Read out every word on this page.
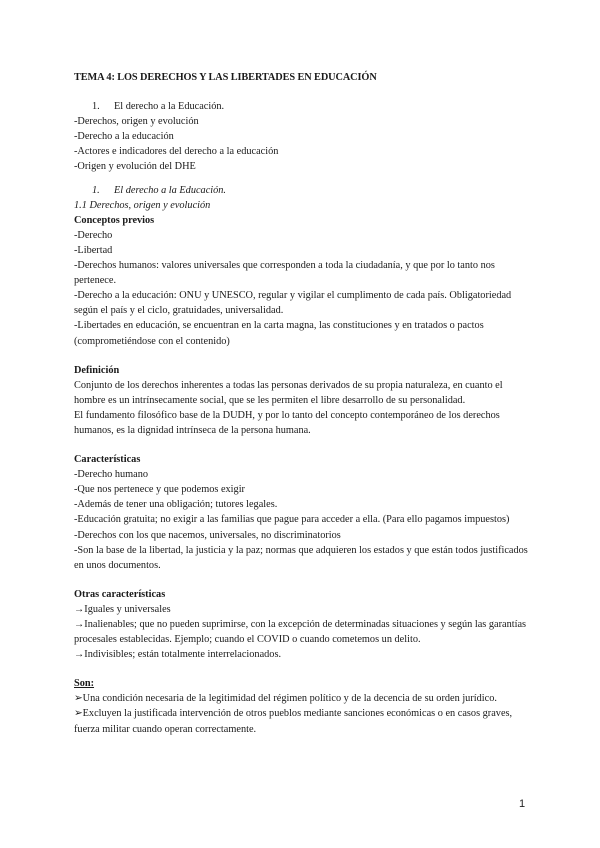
TEMA 4: LOS DERECHOS Y LAS LIBERTADES EN EDUCACIÓN

1. El derecho a la Educación.

-Derechos, origen y evolución

-Derecho a la educación

-Actores e indicadores del derecho a la educación

-Origen y evolución del DHE

1. El derecho a la Educación.

1.1 Derechos, origen y evolución

Conceptos previos

-Derecho

-Libertad

-Derechos humanos: valores universales que corresponden a toda la ciudadanía, y que por lo tanto nos pertenece.

-Derecho a la educación: ONU y UNESCO, regular y vigilar el cumplimento de cada país. Obligatoriedad según el país y el ciclo, gratuidades, universalidad.

-Libertades en educación, se encuentran en la carta magna, las constituciones y en tratados o pactos (comprometiéndose con el contenido)

Definición

Conjunto de los derechos inherentes a todas las personas derivados de su propia naturaleza, en cuanto el hombre es un intrínsecamente social, que se les permiten el libre desarrollo de su personalidad.

El fundamento filosófico base de la DUDH, y por lo tanto del concepto contemporáneo de los derechos humanos, es la dignidad intrínseca de la persona humana.

Características

-Derecho humano

-Que nos pertenece y que podemos exigir

-Además de tener una obligación; tutores legales.

-Educación gratuita; no exigir a las familias que pague para acceder a ella. (Para ello pagamos impuestos)

-Derechos con los que nacemos, universales, no discriminatorios

-Son la base de la libertad, la justicia y la paz; normas que adquieren los estados y que están todos justificados en unos documentos.

Otras características

→Iguales y universales

→Inalienables; que no pueden suprimirse, con la excepción de determinadas situaciones y según las garantías procesales establecidas. Ejemplo; cuando el COVID o cuando cometemos un delito.

→Indivisibles; están totalmente interrelacionados.

Son:

➢Una condición necesaria de la legitimidad del régimen político y de la decencia de su orden jurídico.

➢Excluyen la justificada intervención de otros pueblos mediante sanciones económicas o en casos graves, fuerza militar cuando operan correctamente.

1
